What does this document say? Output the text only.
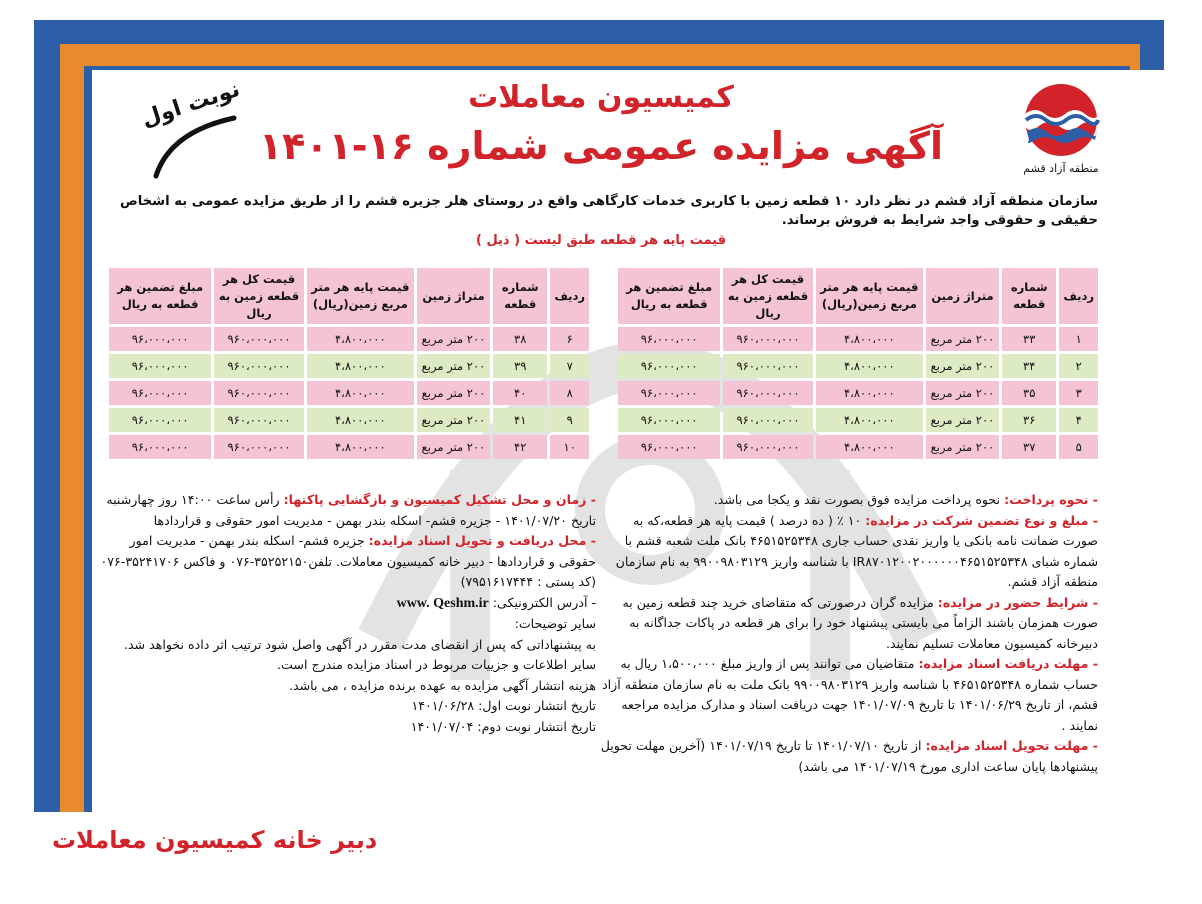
کمیسیون معاملات
آگهی مزایده عمومی شماره ۱۶-۱۴۰۱
نوبت اول
منطقه آزاد قشم
سازمان منطقه آزاد قشم در نظر دارد ۱۰ قطعه زمین با کاربری خدمات کارگاهی واقع در روستای هلر جزیره قشم را از طریق مزایده عمومی به اشخاص حقیقی و حقوقی واجد شرایط به فروش برساند.
قیمت پایه هر قطعه طبق لیست ( ذیل )
ردیف	شماره قطعه	متراژ زمین	قیمت پایه هر متر مربع زمین(ریال)	قیمت کل هر قطعه زمین به ریال	مبلغ تضمین هر قطعه به ریال
۱	۳۳	۲۰۰ متر مربع	۴،۸۰۰،۰۰۰	۹۶۰،۰۰۰،۰۰۰	۹۶،۰۰۰،۰۰۰
۲	۳۴	۲۰۰ متر مربع	۴،۸۰۰،۰۰۰	۹۶۰،۰۰۰،۰۰۰	۹۶،۰۰۰،۰۰۰
۳	۳۵	۲۰۰ متر مربع	۴،۸۰۰،۰۰۰	۹۶۰،۰۰۰،۰۰۰	۹۶،۰۰۰،۰۰۰
۴	۳۶	۲۰۰ متر مربع	۴،۸۰۰،۰۰۰	۹۶۰،۰۰۰،۰۰۰	۹۶،۰۰۰،۰۰۰
۵	۳۷	۲۰۰ متر مربع	۴،۸۰۰،۰۰۰	۹۶۰،۰۰۰،۰۰۰	۹۶،۰۰۰،۰۰۰
ردیف	شماره قطعه	متراژ زمین	قیمت پایه هر متر مربع زمین(ریال)	قیمت کل هر قطعه زمین به ریال	مبلغ تضمین هر قطعه به ریال
۶	۳۸	۲۰۰ متر مربع	۴،۸۰۰،۰۰۰	۹۶۰،۰۰۰،۰۰۰	۹۶،۰۰۰،۰۰۰
۷	۳۹	۲۰۰ متر مربع	۴،۸۰۰،۰۰۰	۹۶۰،۰۰۰،۰۰۰	۹۶،۰۰۰،۰۰۰
۸	۴۰	۲۰۰ متر مربع	۴،۸۰۰،۰۰۰	۹۶۰،۰۰۰،۰۰۰	۹۶،۰۰۰،۰۰۰
۹	۴۱	۲۰۰ متر مربع	۴،۸۰۰،۰۰۰	۹۶۰،۰۰۰،۰۰۰	۹۶،۰۰۰،۰۰۰
۱۰	۴۲	۲۰۰ متر مربع	۴،۸۰۰،۰۰۰	۹۶۰،۰۰۰،۰۰۰	۹۶،۰۰۰،۰۰۰
- نحوه پرداخت: نحوه پرداخت مزایده فوق بصورت نقد و یکجا می باشد.
- مبلغ و نوع تضمین شرکت در مزایده: ۱۰ ٪ ( ده درصد ) قیمت پایه هر قطعه،که به صورت ضمانت نامه بانکی یا واریز نقدی حساب جاری ۴۶۵۱۵۲۵۳۴۸ بانک ملت شعبه قشم با شماره شبای IR۸۷۰۱۲۰۰۲۰۰۰۰۰۰۴۶۵۱۵۲۵۳۴۸ با شناسه واریز ۹۹۰۰۹۸۰۳۱۲۹ به نام سازمان منطقه آزاد قشم.
- شرایط حضور در مزایده: مزایده گران درصورتی که متقاضای خرید چند قطعه زمین به صورت همزمان باشند الزاماً می بایستی پیشنهاد خود را برای هر قطعه در پاکات جداگانه به دبیرخانه کمیسیون معاملات تسلیم نمایند.
- مهلت دریافت اسناد مزایده: متقاضیان می توانند پس از واریز مبلغ ۱،۵۰۰،۰۰۰ ریال به حساب شماره ۴۶۵۱۵۲۵۳۴۸ با شناسه واریز ۹۹۰۰۹۸۰۳۱۲۹ بانک ملت به نام سازمان منطقه آزاد قشم، از تاریخ ۱۴۰۱/۰۶/۲۹ تا تاریخ ۱۴۰۱/۰۷/۰۹ جهت دریافت اسناد و مدارک مزایده مراجعه نمایند .
- مهلت تحویل اسناد مزایده: از تاریخ ۱۴۰۱/۰۷/۱۰ تا تاریخ ۱۴۰۱/۰۷/۱۹ (آخرین مهلت تحویل پیشنهادها پایان ساعت اداری مورخ ۱۴۰۱/۰۷/۱۹ می باشد)
- زمان و محل تشکیل کمیسیون و بازگشایی پاکتها: رأس ساعت ۱۴:۰۰ روز چهارشنبه تاریخ ۱۴۰۱/۰۷/۲۰ - جزیره قشم- اسکله بندر بهمن - مدیریت امور حقوقی و قراردادها
- محل دریافت و تحویل اسناد مزایده: جزیره قشم- اسکله بندر بهمن - مدیریت امور حقوقی و قراردادها - دبیر خانه کمیسیون معاملات. تلفن۳۵۲۵۲۱۵۰-۰۷۶ و فاکس ۳۵۲۴۱۷۰۶-۰۷۶ (کد پستی : ۷۹۵۱۶۱۷۴۴۴)
- آدرس الکترونیکی: www. Qeshm.ir
سایر توضیحات:
به پیشنهاداتی که پس از انقضای مدت مقرر در آگهی واصل شود ترتیب اثر داده نخواهد شد.
سایر اطلاعات و جزییات مربوط در اسناد مزایده مندرج است.
هزینه انتشار آگهی مزایده به عهده برنده مزایده ، می باشد.
تاریخ انتشار نوبت اول: ۱۴۰۱/۰۶/۲۸
تاریخ انتشار نوبت دوم: ۱۴۰۱/۰۷/۰۴
دبیر خانه کمیسیون معاملات
